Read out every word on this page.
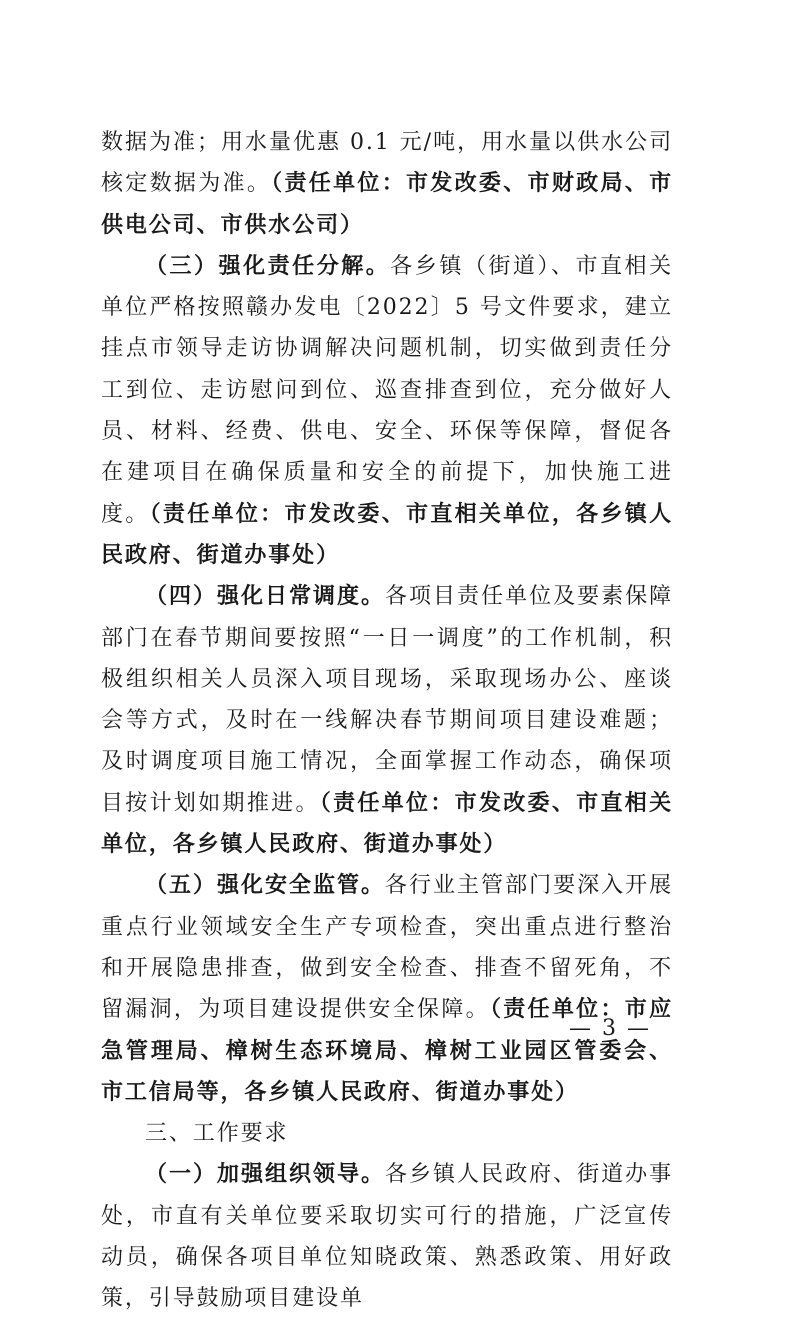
数据为准；用水量优惠 0.1 元/吨，用水量以供水公司核定数据为准。（责任单位：市发改委、市财政局、市供电公司、市供水公司）

（三）强化责任分解。各乡镇（街道）、市直相关单位严格按照赣办发电〔2022〕5 号文件要求，建立挂点市领导走访协调解决问题机制，切实做到责任分工到位、走访慰问到位、巡查排查到位，充分做好人员、材料、经费、供电、安全、环保等保障，督促各在建项目在确保质量和安全的前提下，加快施工进度。（责任单位：市发改委、市直相关单位，各乡镇人民政府、街道办事处）

（四）强化日常调度。各项目责任单位及要素保障部门在春节期间要按照“一日一调度”的工作机制，积极组织相关人员深入项目现场，采取现场办公、座谈会等方式，及时在一线解决春节期间项目建设难题；及时调度项目施工情况，全面掌握工作动态，确保项目按计划如期推进。（责任单位：市发改委、市直相关单位，各乡镇人民政府、街道办事处）

（五）强化安全监管。各行业主管部门要深入开展重点行业领域安全生产专项检查，突出重点进行整治和开展隐患排查，做到安全检查、排查不留死角，不留漏洞，为项目建设提供安全保障。（责任单位：市应急管理局、樟树生态环境局、樟树工业园区管委会、市工信局等，各乡镇人民政府、街道办事处）

三、工作要求

（一）加强组织领导。各乡镇人民政府、街道办事处，市直有关单位要采取切实可行的措施，广泛宣传动员，确保各项目单位知晓政策、熟悉政策、用好政策，引导鼓励项目建设单

— 3 —
